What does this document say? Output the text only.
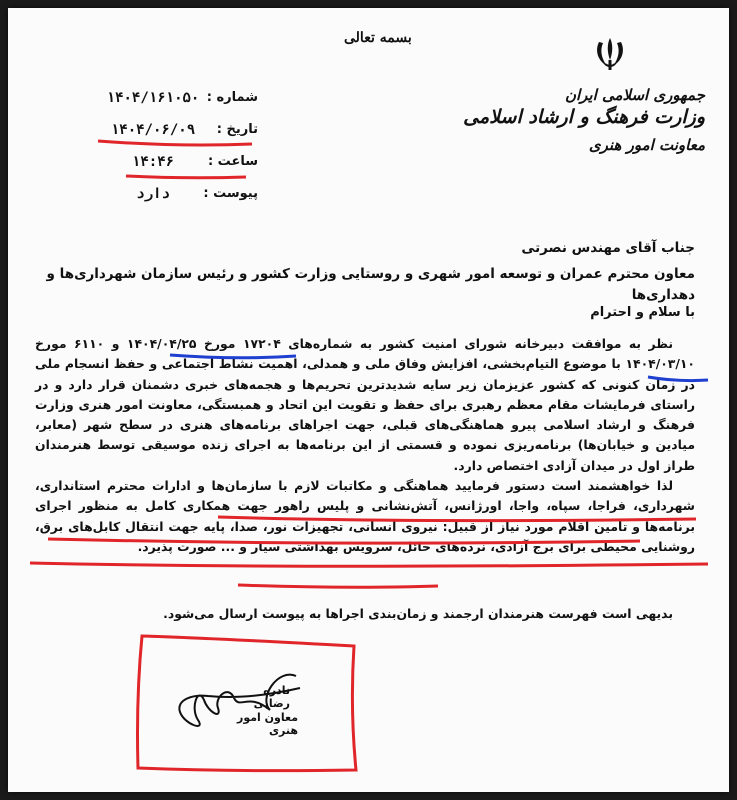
بسمه تعالی
جمهوری اسلامی ایران
وزارت فرهنگ و ارشاد اسلامی
معاونت امور هنری
شماره :
۱۴۰۴/۱۶۱۰۵۰
تاریخ :
۱۴۰۴/۰۶/۰۹
ساعت :
۱۴:۴۶
پیوست :
دارد
جناب آقای مهندس نصرتی
معاون محترم عمران و توسعه امور شهری و روستایی وزارت کشور و رئیس سازمان شهرداری‌ها و دهداری‌ها
با سلام و احترام
نظر به موافقت دبیرخانه شورای امنیت کشور به شماره‌های ۱۷۲۰۴ مورخ ۱۴۰۴/۰۴/۲۵ و ۶۱۱۰ مورخ ۱۴۰۴/۰۳/۱۰ با موضوع التیام‌بخشی، افزایش وفاق ملی و همدلی، اهمیت نشاط اجتماعی و حفظ انسجام ملی در زمان کنونی که کشور عزیزمان زیر سایه شدیدترین تحریم‌ها و هجمه‌های خبری دشمنان قرار دارد و در راستای فرمایشات مقام معظم رهبری برای حفظ و تقویت این اتحاد و همبستگی، معاونت امور هنری وزارت فرهنگ و ارشاد اسلامی پیرو هماهنگی‌های قبلی، جهت اجراهای برنامه‌های هنری در سطح شهر (معابر، میادین و خیابان‌ها) برنامه‌ریزی نموده و قسمتی از این برنامه‌ها به اجرای زنده موسیقی توسط هنرمندان طراز اول در میدان آزادی اختصاص دارد.
لذا خواهشمند است دستور فرمایید هماهنگی و مکاتبات لازم با سازمان‌ها و ادارات محترم استانداری، شهرداری، فراجا، سپاه، واجا، اورژانس، آتش‌نشانی و پلیس راهور جهت همکاری کامل به منظور اجرای برنامه‌ها و تأمین اقلام مورد نیاز از قبیل: نیروی انسانی، تجهیزات نور، صدا، پایه جهت انتقال کابل‌های برق، روشنایی محیطی برای برج آزادی، نرده‌های حائل، سرویس بهداشتی سیار و ... صورت پذیرد.
بدیهی است فهرست هنرمندان ارجمند و زمان‌بندی اجراها به پیوست ارسال می‌شود.
نادره رضایی
معاون امور هنری
